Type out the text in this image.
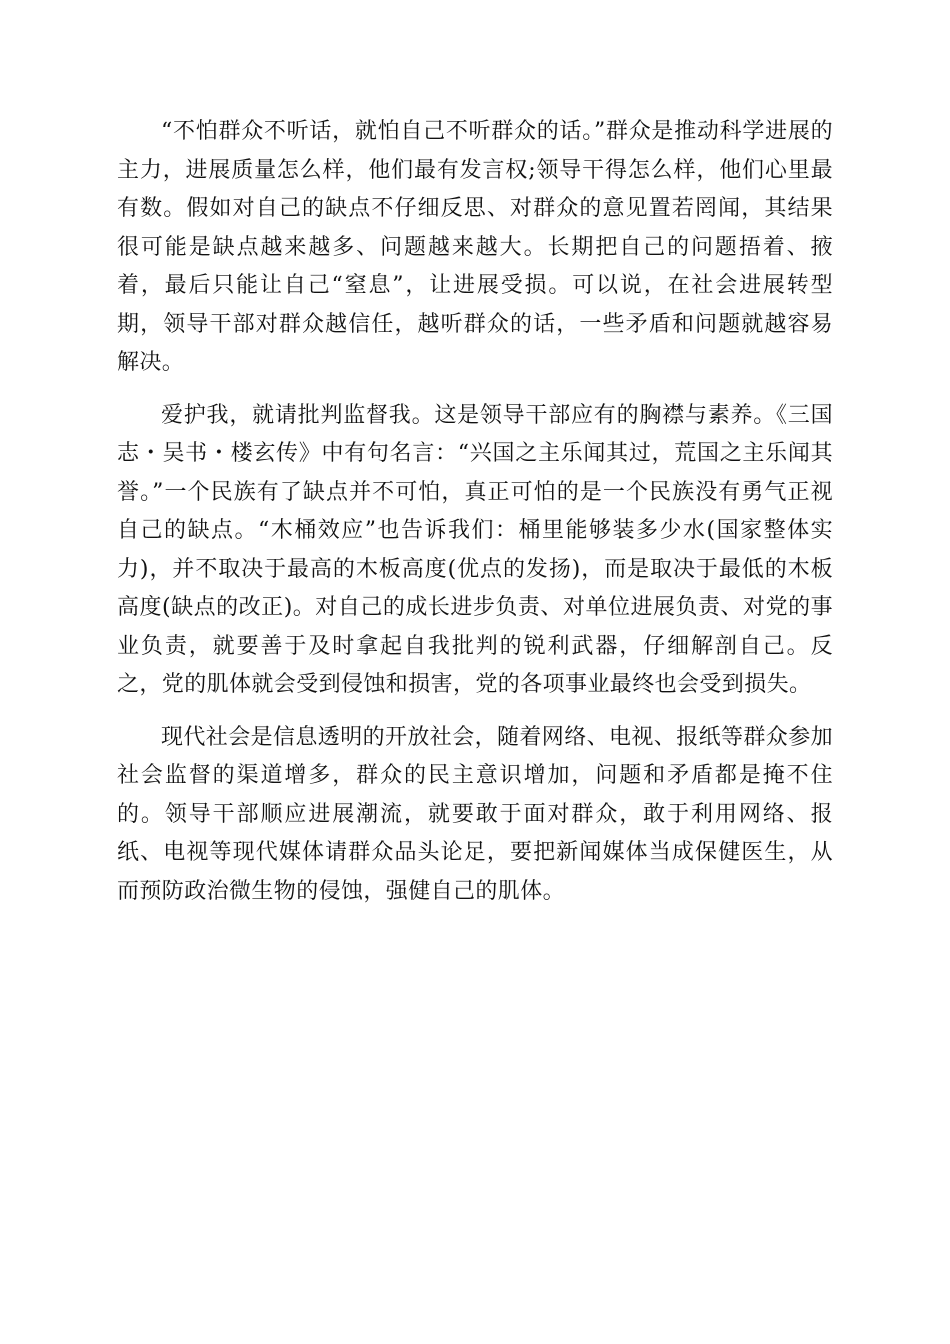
“不怕群众不听话，就怕自己不听群众的话。”群众是推动科学进展的主力，进展质量怎么样，他们最有发言权;领导干得怎么样，他们心里最有数。假如对自己的缺点不仔细反思、对群众的意见置若罔闻，其结果很可能是缺点越来越多、问题越来越大。长期把自己的问题捂着、掖着，最后只能让自己“窒息”，让进展受损。可以说，在社会进展转型期，领导干部对群众越信任，越听群众的话，一些矛盾和问题就越容易解决。

爱护我，就请批判监督我。这是领导干部应有的胸襟与素养。《三国志・吴书・楼玄传》中有句名言：“兴国之主乐闻其过，荒国之主乐闻其誉。”一个民族有了缺点并不可怕，真正可怕的是一个民族没有勇气正视自己的缺点。“木桶效应”也告诉我们：桶里能够装多少水(国家整体实力)，并不取决于最高的木板高度(优点的发扬)，而是取决于最低的木板高度(缺点的改正)。对自己的成长进步负责、对单位进展负责、对党的事业负责，就要善于及时拿起自我批判的锐利武器，仔细解剖自己。反之，党的肌体就会受到侵蚀和损害，党的各项事业最终也会受到损失。

现代社会是信息透明的开放社会，随着网络、电视、报纸等群众参加社会监督的渠道增多，群众的民主意识增加，问题和矛盾都是掩不住的。领导干部顺应进展潮流，就要敢于面对群众，敢于利用网络、报纸、电视等现代媒体请群众品头论足，要把新闻媒体当成保健医生，从而预防政治微生物的侵蚀，强健自己的肌体。
